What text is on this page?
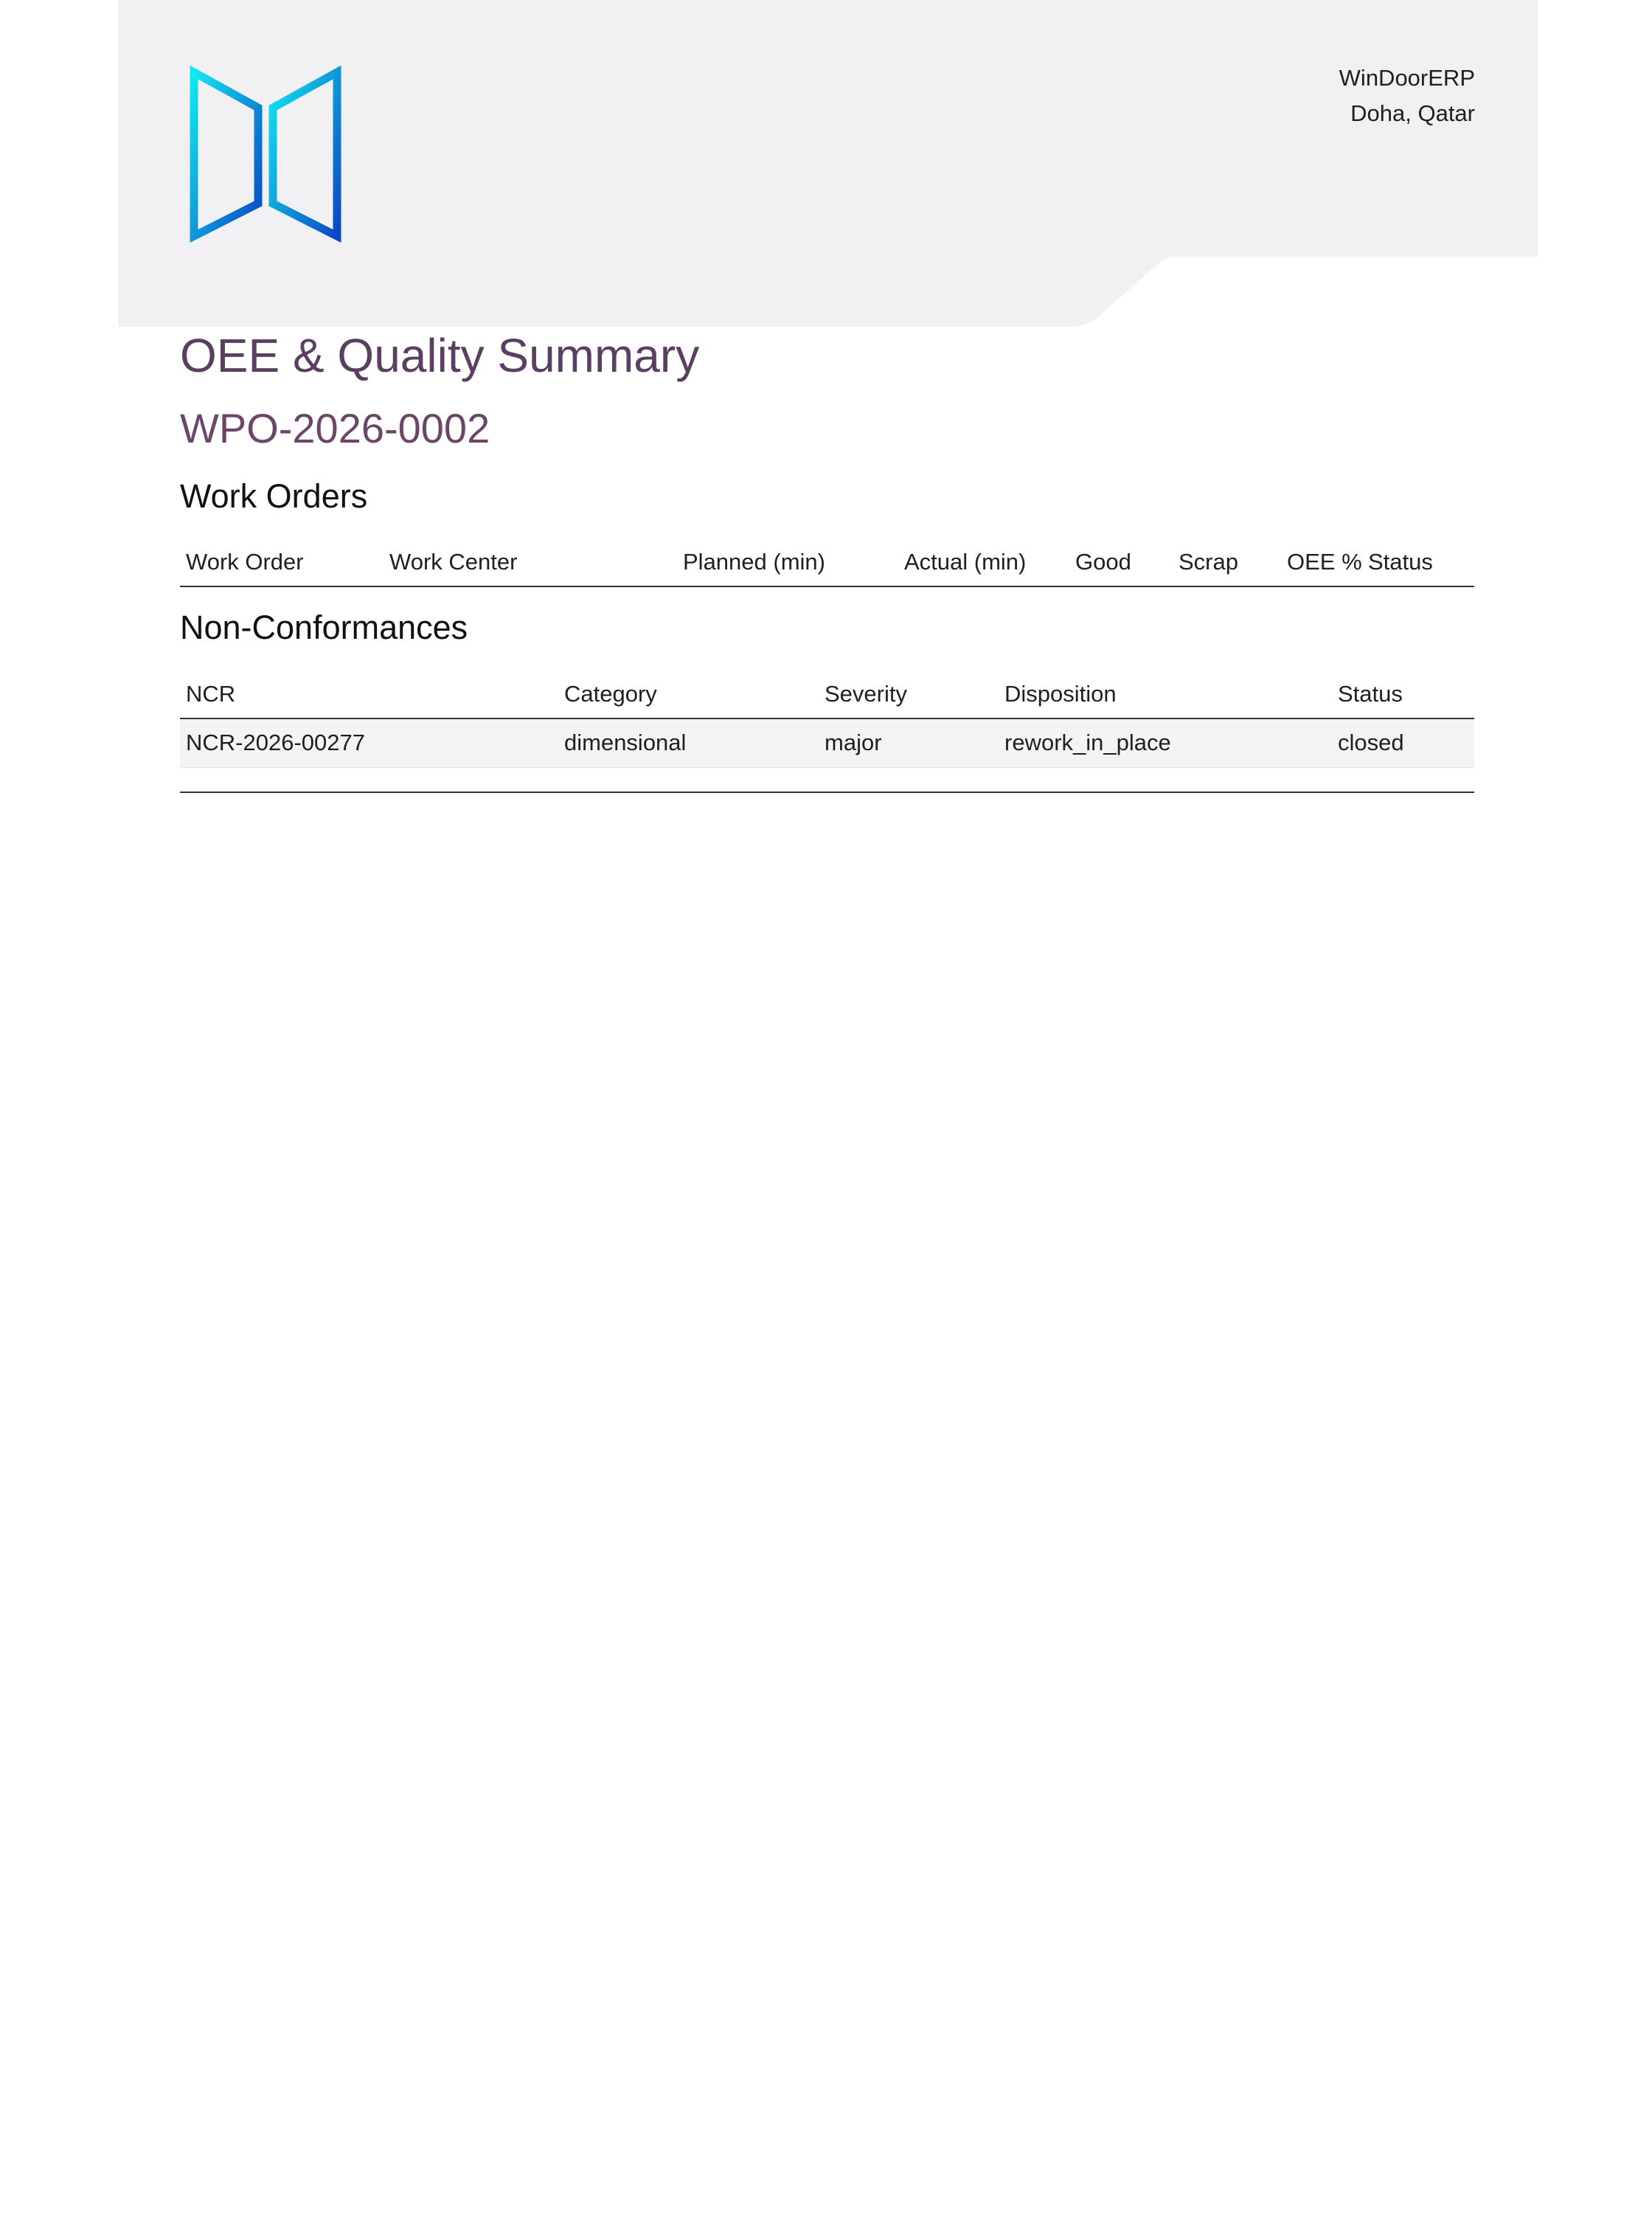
WinDoorERP
Doha, Qatar
OEE & Quality Summary
WPO-2026-0002
Work Orders
Work Order	Work Center	Planned (min)	Actual (min)	Good	Scrap	OEE %	Status
Non-Conformances
NCR	Category	Severity	Disposition	Status
NCR-2026-00277	dimensional	major	rework_in_place	closed
